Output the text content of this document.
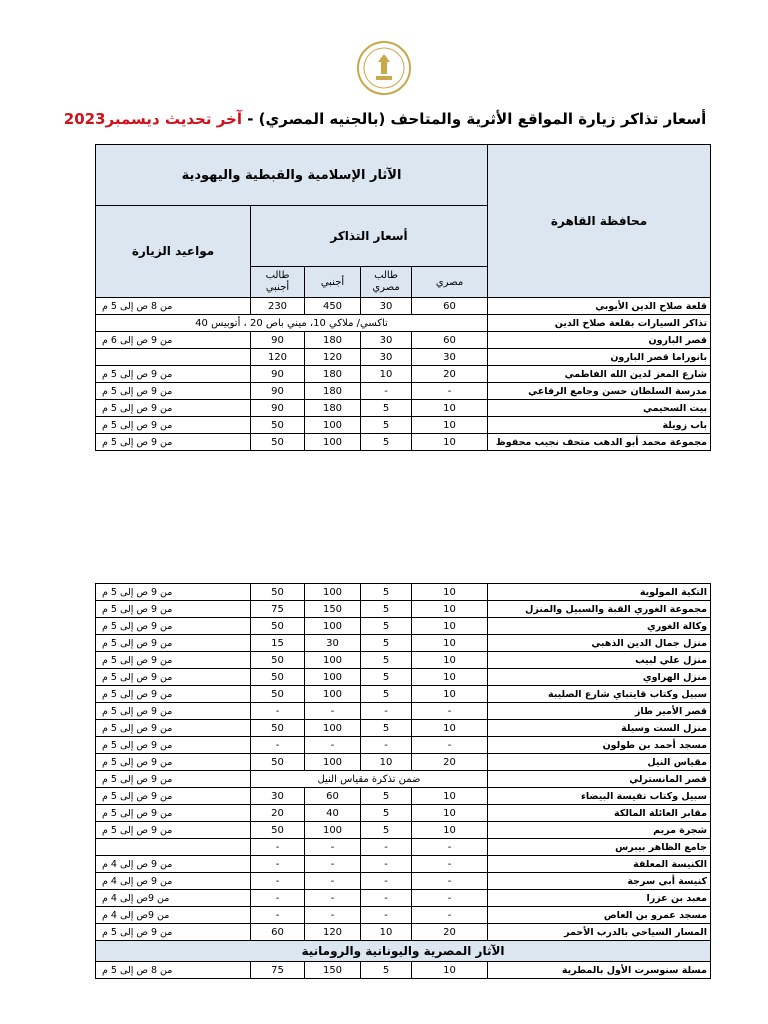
أسعار تذاكر زيارة المواقع الأثرية والمتاحف (بالجنيه المصري) - آخر تحديث ديسمبر2023
الآثار الإسلامية والقبطية واليهودية					محافظة القاهرة
مواعيد الزيارة	أسعار التذاكر				
	طالب أجنبي	أجنبي	طالب مصري	مصري	
من 8 ص إلى 5 م	230	450	30	60	قلعة صلاح الدين الأيوبي
تاكسي/ ملاكي 10، ميني باص 20 ، أتوبيس 40					تذاكر السيارات بقلعة صلاح الدين
من 9 ص إلى 6 م	90	180	30	60	قصر البارون
	120	120	30	30	بانوراما قصر البارون
من 9 ص إلى 5 م	90	180	10	20	شارع المعز لدين الله الفاطمي
من 9 ص إلى 5 م	90	180	-	-	مدرسة السلطان حسن وجامع الرفاعي
من 9 ص إلى 5 م	90	180	5	10	بيت السحيمي
من 9 ص إلى 5 م	50	100	5	10	باب زويلة
من 9 ص إلى 5 م	50	100	5	10	مجموعة محمد أبو الدهب متحف نجيب محفوظ
من 9 ص إلى 5 م	50	100	5	10	التكية المولوية
من 9 ص إلى 5 م	75	150	5	10	مجموعة الغوري القبة والسبيل والمنزل
من 9 ص إلى 5 م	50	100	5	10	وكالة الغوري
من 9 ص إلى 5 م	15	30	5	10	منزل جمال الدين الذهبي
من 9 ص إلى 5 م	50	100	5	10	منزل علي لبيب
من 9 ص إلى 5 م	50	100	5	10	منزل الهراوي
من 9 ص إلى 5 م	50	100	5	10	سبيل وكتاب قايتباي شارع الصليبة
من 9 ص إلى 5 م	-	-	-	-	قصر الأمير طاز
من 9 ص إلى 5 م	50	100	5	10	منزل الست وسيلة
من 9 ص إلى 5 م	-	-	-	-	مسجد أحمد بن طولون
من 9 ص إلى 5 م	50	100	10	20	مقياس النيل
من 9 ص إلى 5 م	ضمن تذكرة مقياس النيل				قصر المانسترلي
من 9 ص إلى 5 م	30	60	5	10	سبيل وكتاب نفيسة البيضاء
من 9 ص إلى 5 م	20	40	5	10	مقابر العائلة المالكة
من 9 ص إلى 5 م	50	100	5	10	شجرة مريم
	-	-	-	-	جامع الظاهر بيبرس
من 9 ص إلى 4 م	-	-	-	-	الكنيسة المعلقة
من 9 ص إلى 4 م	-	-	-	-	كنيسة أبي سرجة
من 9ص إلى 4 م	-	-	-	-	معبد بن عزرا
من 9ص إلى 4 م	-	-	-	-	مسجد عمرو بن العاص
من 9 ص إلى 5 م	60	120	10	20	المسار السياحي بالدرب الأحمر
الآثار المصرية واليونانية والرومانية					
من 8 ص إلى 5 م	75	150	5	10	مسلة سنوسرت الأول بالمطرية
